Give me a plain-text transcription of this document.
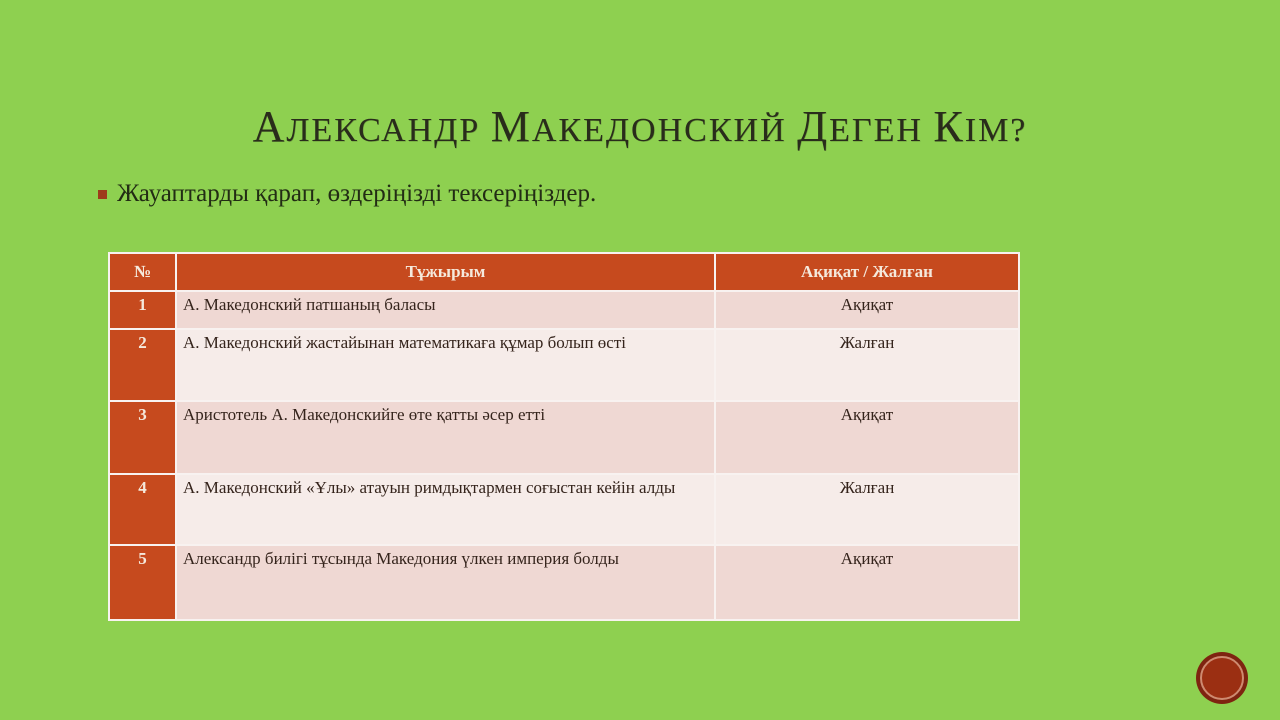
АЛЕКСАНДР МАКЕДОНСКИЙ ДЕГЕН КІМ?
Жауаптарды қарап, өздеріңізді тексеріңіздер.
№	Тұжырым	Ақиқат / Жалған
1	А. Македонский патшаның баласы	Ақиқат
2	А. Македонский жастайынан математикаға құмар болып өсті	Жалған
3	Аристотель А. Македонскийге өте қатты әсер етті	Ақиқат
4	А. Македонский «Ұлы» атауын римдықтармен соғыстан кейін алды	Жалған
5	Александр билігі тұсында Македония үлкен империя болды	Ақиқат
